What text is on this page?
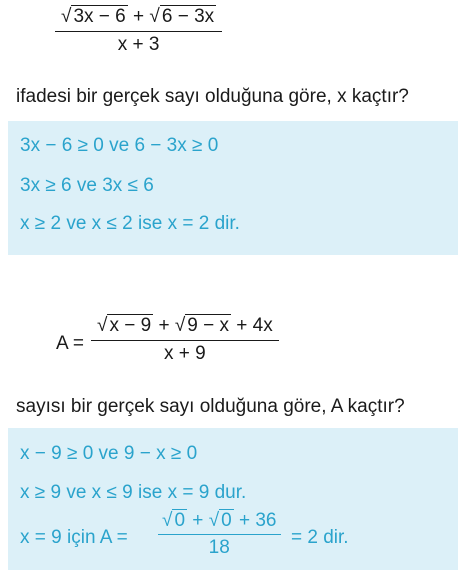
$\frac{√ 3x - 6 + √ 6 - 3x}{x + 3}$
ifadesi bir gerçek sayı olduğuna göre, x kaçtır?
3x − 6 ≥ 0 ve 6 − 3x ≥ 0
3x ≥ 6 ve 3x ≤ 6
x ≥ 2 ve x ≤ 2 ise x = 2 dir.
$A = \frac{√ x - 9 + √ 9 - x + 4x}{x + 9}$
sayısı bir gerçek sayı olduğuna göre, A kaçtır?
x − 9 ≥ 0 ve 9 − x ≥ 0
x ≥ 9 ve x ≤ 9 ise x = 9 dur.
x = 9 için $A = \frac{√ 0 + √ 0 + 36}{18} = 2$ dir.
